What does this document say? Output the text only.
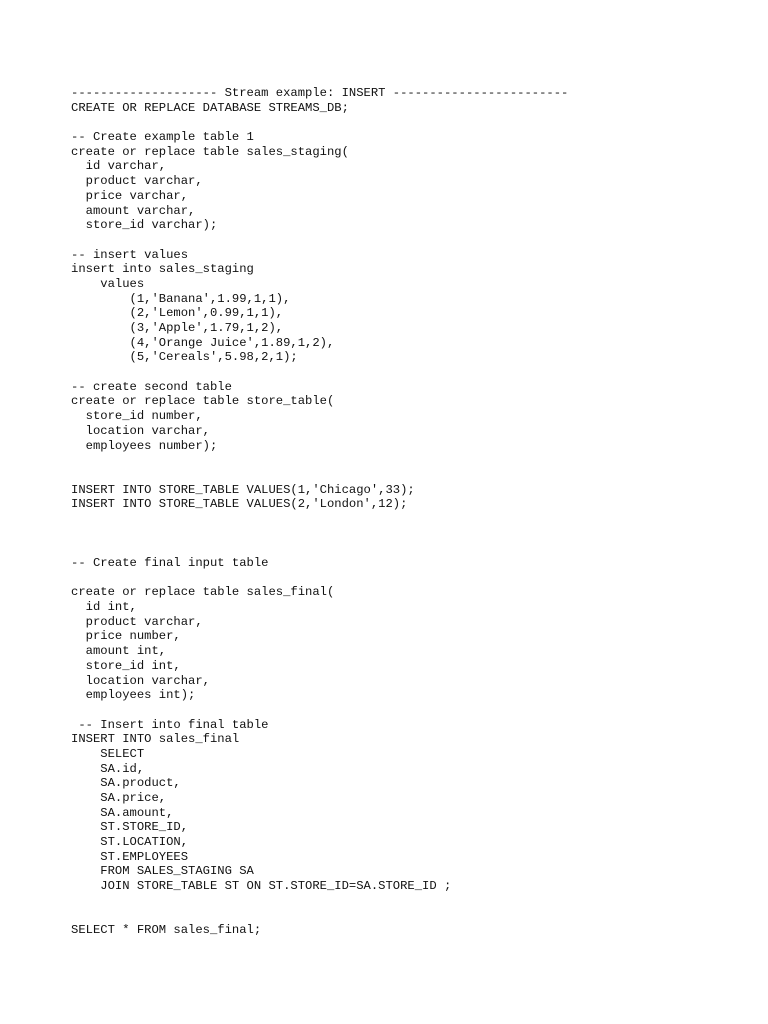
-------------------- Stream example: INSERT ------------------------
CREATE OR REPLACE DATABASE STREAMS_DB;
-- Create example table 1
create or replace table sales_staging(
id varchar,
product varchar,
price varchar,
amount varchar,
store_id varchar);
-- insert values
insert into sales_staging
values
(1,'Banana',1.99,1,1),
(2,'Lemon',0.99,1,1),
(3,'Apple',1.79,1,2),
(4,'Orange Juice',1.89,1,2),
(5,'Cereals',5.98,2,1);
-- create second table
create or replace table store_table(
store_id number,
location varchar,
employees number);
INSERT INTO STORE_TABLE VALUES(1,'Chicago',33);
INSERT INTO STORE_TABLE VALUES(2,'London',12);
-- Create final input table
create or replace table sales_final(
id int,
product varchar,
price number,
amount int,
store_id int,
location varchar,
employees int);
-- Insert into final table
INSERT INTO sales_final
SELECT
SA.id,
SA.product,
SA.price,
SA.amount,
ST.STORE_ID,
ST.LOCATION,
ST.EMPLOYEES
FROM SALES_STAGING SA
JOIN STORE_TABLE ST ON ST.STORE_ID=SA.STORE_ID ;
SELECT * FROM sales_final;
